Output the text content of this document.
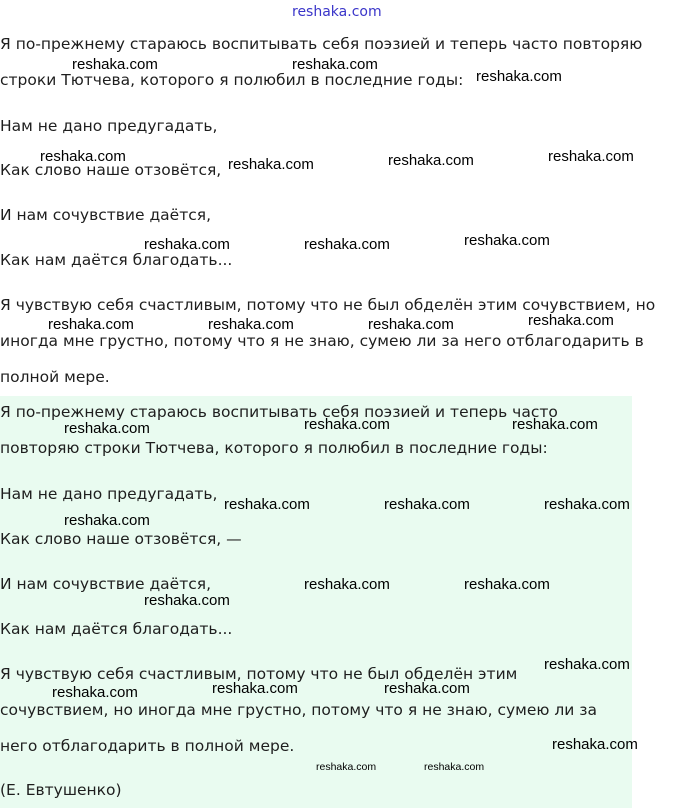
reshaka.com

Я по-прежнему стараюсь воспитывать себя поэзией и теперь часто повторяю

строки Тютчева, которого я полюбил в последние годы:

Нам не дано предугадать,

Как слово наше отзовётся,

И нам сочувствие даётся,

Как нам даётся благодать...

Я чувствую себя счастливым, потому что не был обделён этим сочувствием, но

иногда мне грустно, потому что я не знаю, сумею ли за него отблагодарить в

полной мере.

Я по-прежнему стараюсь воспитывать себя поэзией и теперь часто

повторяю строки Тютчева, которого я полюбил в последние годы:

Нам не дано предугадать,

Как слово наше отзовётся, —

И нам сочувствие даётся,

Как нам даётся благодать...

Я чувствую себя счастливым, потому что не был обделён этим

сочувствием, но иногда мне грустно, потому что я не знаю, сумею ли за

него отблагодарить в полной мере.

(Е. Евтушенко)

reshaka.com	reshaka.com
reshaka.com
reshaka.com	reshaka.com	reshaka.com	reshaka.com
reshaka.com	reshaka.com	reshaka.com
reshaka.com	reshaka.com	reshaka.com	reshaka.com
reshaka.com	reshaka.com	reshaka.com
reshaka.com	reshaka.com	reshaka.com
reshaka.com
reshaka.com	reshaka.com
reshaka.com
reshaka.com
reshaka.com	reshaka.com
reshaka.com
reshaka.com
reshaka.com	reshaka.com
